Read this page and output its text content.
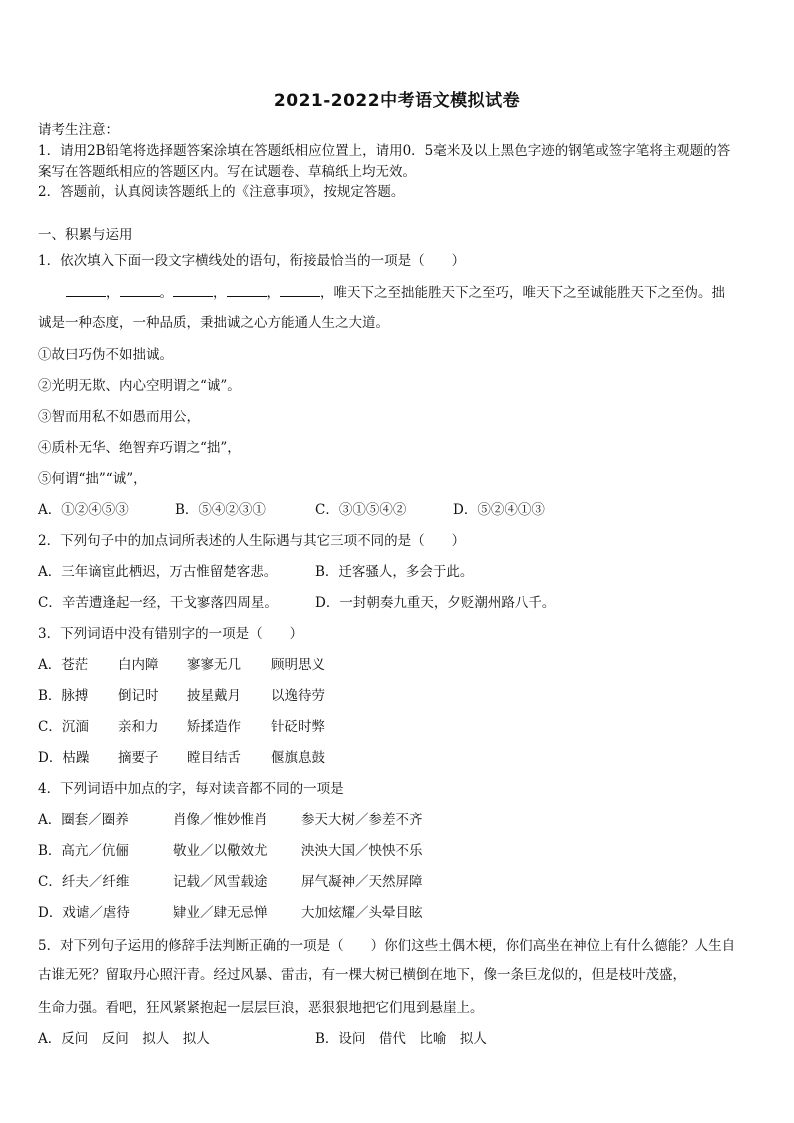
2021-2022中考语文模拟试卷
请考生注意：
1．请用2B铅笔将选择题答案涂填在答题纸相应位置上，请用0．5毫米及以上黑色字迹的钢笔或签字笔将主观题的答
案写在答题纸相应的答题区内。写在试题卷、草稿纸上均无效。
2．答题前，认真阅读答题纸上的《注意事项》，按规定答题。
一、积累与运用
1．依次填入下面一段文字横线处的语句，衔接最恰当的一项是（　　）
，	。	，	，	，唯天下之至拙能胜天下之至巧，唯天下之至诚能胜天下之至伪。拙
诚是一种态度，一种品质，秉拙诚之心方能通人生之大道。
①故曰巧伪不如拙诚。
②光明无欺、内心空明谓之“诚”。
③智而用私不如愚而用公，
④质朴无华、绝智弃巧谓之“拙”，
⑤何谓“拙”“诚”，
A．①②④⑤③	B．⑤④②③①	C．③①⑤④②	D．⑤②④①③
2．下列句子中的加点词所表述的人生际遇与其它三项不同的是（　　）
A．三年谪宦此栖迟，万古惟留楚客悲。	B．迁客骚人，多会于此。
C．辛苦遭逢起一经，干戈寥落四周星。	D．一封朝奏九重天，夕贬潮州路八千。
3．下列词语中没有错别字的一项是（　　）
A．苍茫 白内障 寥寥无几 顾明思义
B．脉搏 倒记时 披星戴月 以逸待劳
C．沉湎 亲和力 矫揉造作 针砭时弊
D．枯躁 摘要子 瞠目结舌 偃旗息鼓
4．下列词语中加点的字，每对读音都不同的一项是
A．圈套／圈养	肖像／惟妙惟肖 参天大树／参差不齐
B．高亢／伉俪	敬业／以儆效尤 泱泱大国／怏怏不乐
C．纤夫／纤维	记载／风雪载途 屏气凝神／天然屏障
D．戏谑／虐待	肄业／肆无忌惮 大加炫耀／头晕目眩
5．对下列句子运用的修辞手法判断正确的一项是（　　）你们这些土偶木梗，你们高坐在神位上有什么德能？人生自
古谁无死？留取丹心照汗青。经过风暴、雷击，有一棵大树已横倒在地下，像一条巨龙似的，但是枝叶茂盛，
生命力强。看吧，狂风紧紧抱起一层层巨浪，恶狠狠地把它们甩到悬崖上。
A．反问　反问　拟人　拟人	B．设问　借代　比喻　拟人
